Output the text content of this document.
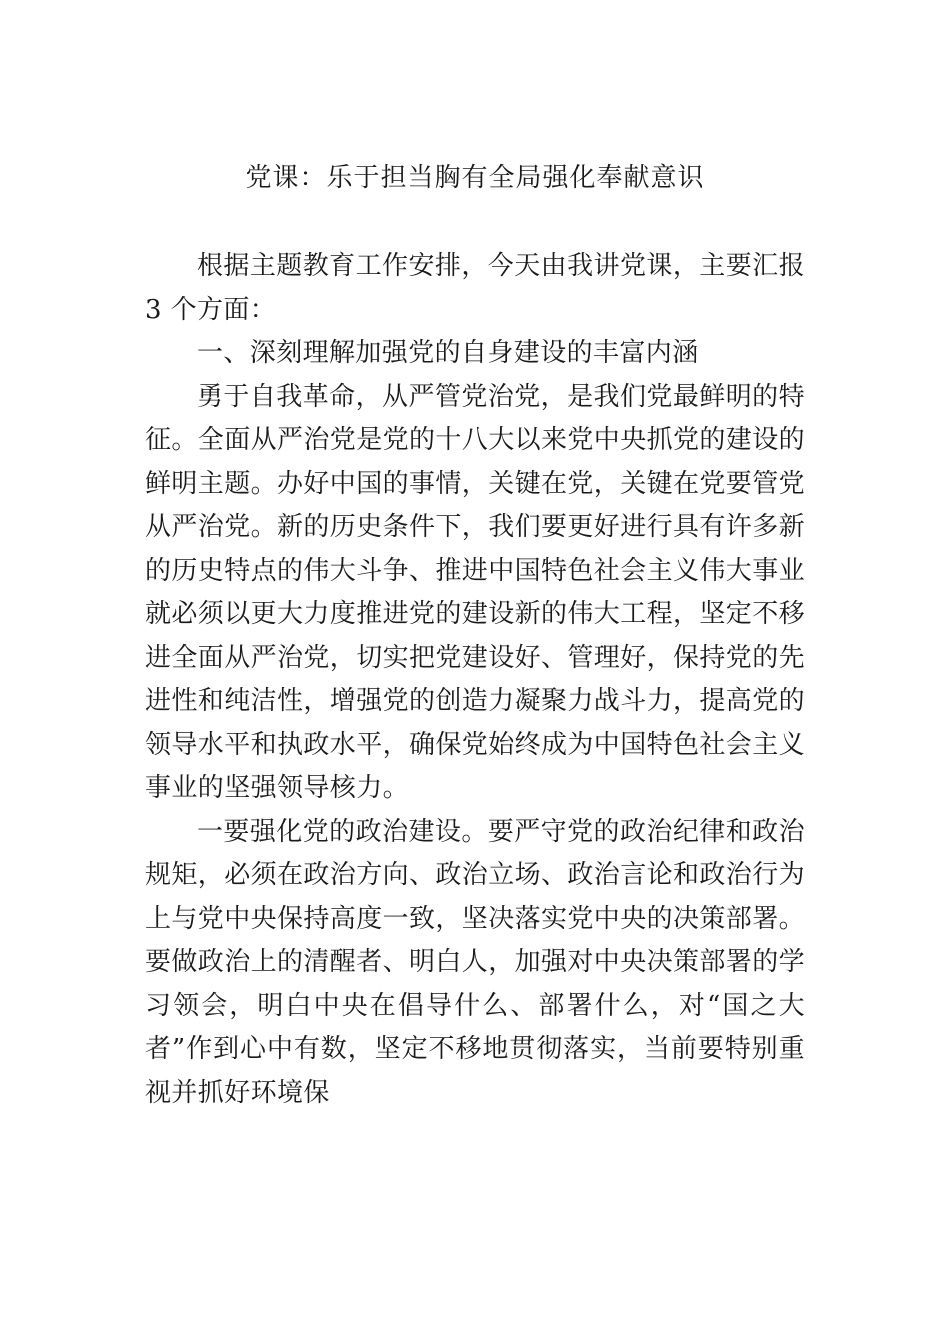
党课：乐于担当胸有全局强化奉献意识

根据主题教育工作安排，今天由我讲党课，主要汇报 3 个方面：

一、深刻理解加强党的自身建设的丰富内涵

勇于自我革命，从严管党治党，是我们党最鲜明的特征。全面从严治党是党的十八大以来党中央抓党的建设的鲜明主题。办好中国的事情，关键在党，关键在党要管党从严治党。新的历史条件下，我们要更好进行具有许多新的历史特点的伟大斗争、推进中国特色社会主义伟大事业就必须以更大力度推进党的建设新的伟大工程，坚定不移进全面从严治党，切实把党建设好、管理好，保持党的先进性和纯洁性，增强党的创造力凝聚力战斗力，提高党的领导水平和执政水平，确保党始终成为中国特色社会主义事业的坚强领导核力。

一要强化党的政治建设。要严守党的政治纪律和政治规矩，必须在政治方向、政治立场、政治言论和政治行为上与党中央保持高度一致，坚决落实党中央的决策部署。要做政治上的清醒者、明白人，加强对中央决策部署的学习领会，明白中央在倡导什么、部署什么，对“国之大者”作到心中有数，坚定不移地贯彻落实，当前要特别重视并抓好环境保
